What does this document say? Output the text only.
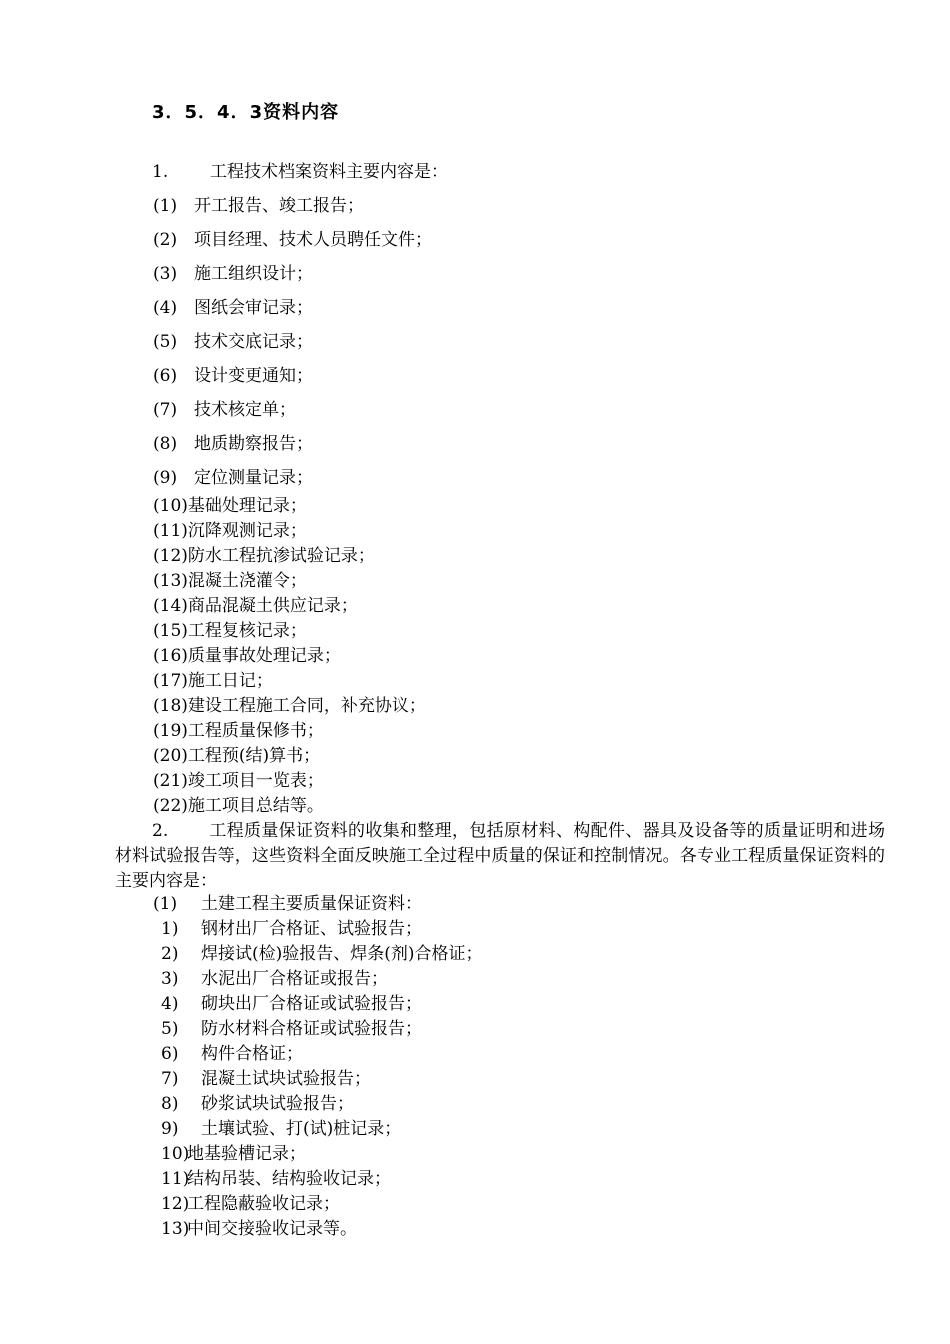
3．5．4．3资料内容
1. 工程技术档案资料主要内容是：
(1) 开工报告、竣工报告；
(2) 项目经理、技术人员聘任文件；
(3) 施工组织设计；
(4) 图纸会审记录；
(5) 技术交底记录；
(6) 设计变更通知；
(7) 技术核定单；
(8) 地质勘察报告；
(9) 定位测量记录；
(10)基础处理记录；
(11)沉降观测记录；
(12)防水工程抗渗试验记录；
(13)混凝土浇灌令；
(14)商品混凝土供应记录；
(15)工程复核记录；
(16)质量事故处理记录；
(17)施工日记；
(18)建设工程施工合同，补充协议；
(19)工程质量保修书；
(20)工程预(结)算书；
(21)竣工项目一览表；
(22)施工项目总结等。
2. 工程质量保证资料的收集和整理，包括原材料、构配件、器具及设备等的质量证明和进场材料试验报告等，这些资料全面反映施工全过程中质量的保证和控制情况。各专业工程质量保证资料的主要内容是：
(1) 土建工程主要质量保证资料：
1) 钢材出厂合格证、试验报告；
2) 焊接试(检)验报告、焊条(剂)合格证；
3) 水泥出厂合格证或报告；
4) 砌块出厂合格证或试验报告；
5) 防水材料合格证或试验报告；
6) 构件合格证；
7) 混凝土试块试验报告；
8) 砂浆试块试验报告；
9) 土壤试验、打(试)桩记录；
10)地基验槽记录；
11)结构吊装、结构验收记录；
12)工程隐蔽验收记录；
13)中间交接验收记录等。
